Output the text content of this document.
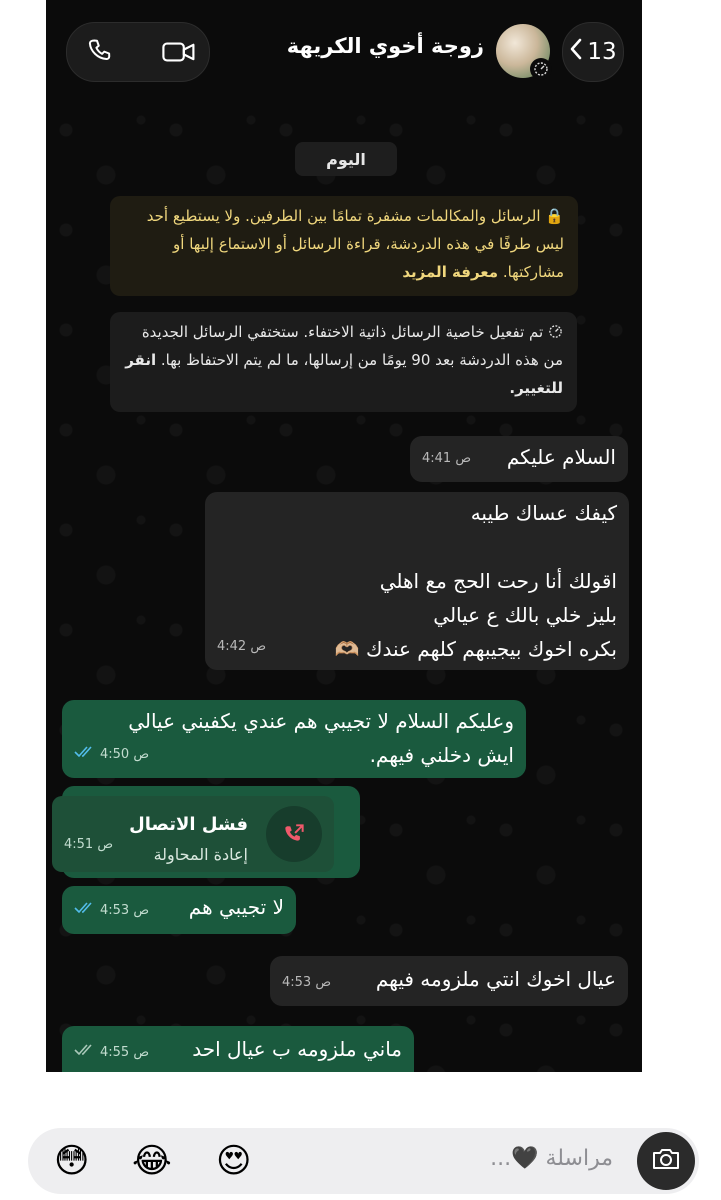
زوجة أخوي الكريهة	13
اليوم
🔒 الرسائل والمكالمات مشفرة تمامًا بين الطرفين. ولا يستطيع أحد ليس طرفًا في هذه الدردشة، قراءة الرسائل أو الاستماع إليها أو مشاركتها. معرفة المزيد
تم تفعيل خاصية الرسائل ذاتية الاختفاء. ستختفي الرسائل الجديدة من هذه الدردشة بعد 90 يومًا من إرسالها، ما لم يتم الاحتفاظ بها. انقر للتغيير.
السلام عليكم
4:41 ص
كيفك عساك طيبه
اقولك أنا رحت الحج مع اهلي
بليز خلي بالك ع عيالي
بكره اخوك بيجيبهم كلهم عندك 🫶🏼
4:42 ص
وعليكم السلام لا تجيبي هم عندي يكفيني عيالي
ايش دخلني فيهم.
4:50 ص
فشل الاتصال
إعادة المحاولة
4:51 ص
لا تجيبي هم
4:53 ص
عيال اخوك انتي ملزومه فيهم
4:53 ص
ماني ملزومه ب عيال احد
4:55 ص
😳 😂 😍	مراسلة 🖤...
